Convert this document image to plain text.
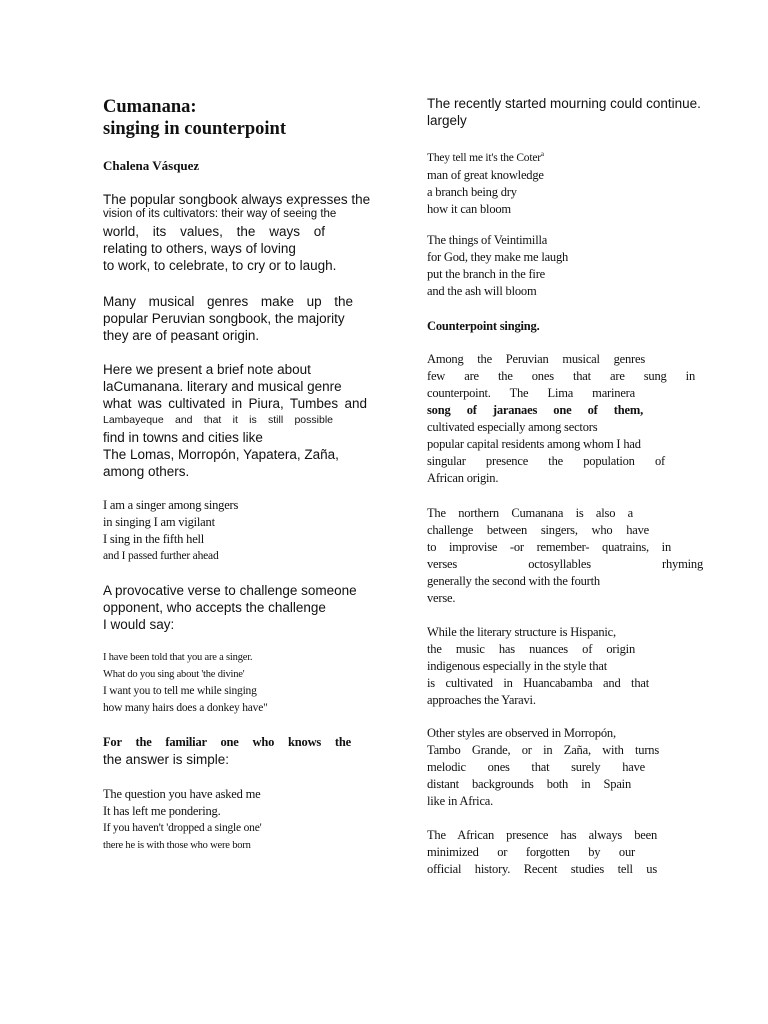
Cumanana:
singing in counterpoint

Chalena Vásquez

The popular songbook always expresses the
vision of its cultivators: their way of seeing the
world, its values, the ways of
relating to others, ways of loving
to work, to celebrate, to cry or to laugh.

Many musical genres make up the
popular Peruvian songbook, the majority
they are of peasant origin.

Here we present a brief note about
laCumanana. literary and musical genre
what was cultivated in Piura, Tumbes and
Lambayeque and that it is still possible
find in towns and cities like
The Lomas, Morropón, Yapatera, Zaña,
among others.

I am a singer among singers
in singing I am vigilant
I sing in the fifth hell
and I passed further ahead

A provocative verse to challenge someone
opponent, who accepts the challenge
I would say:

I have been told that you are a singer.
What do you sing about 'the divine'
I want you to tell me while singing
how many hairs does a donkey have"

For the familiar one who knows the

the answer is simple:

The question you have asked me
It has left me pondering.
If you haven't 'dropped a single one'
there he is with those who were born

The recently started mourning could continue.
largely

They tell me it's the Coter$^a$
man of great knowledge
a branch being dry
how it can bloom

The things of Veintimilla
for God, they make me laugh
put the branch in the fire
and the ash will bloom

Counterpoint singing.

Among the Peruvian musical genres
few are the ones that are sung in
counterpoint. The Lima marinera
song of jaranaes one of them,
cultivated especially among sectors
popular capital residents among whom I had
singular presence the population of
African origin.

The northern Cumanana is also a
challenge between singers, who have
to improvise -or remember- quatrains, in
verses octosyllables rhyming
generally the second with the fourth
verse.

While the literary structure is Hispanic,
the music has nuances of origin
indigenous especially in the style that
is cultivated in Huancabamba and that
approaches the Yaravi.

Other styles are observed in Morropón,
Tambo Grande, or in Zaña, with turns
melodic ones that surely have
distant backgrounds both in Spain
like in Africa.

The African presence has always been
minimized or forgotten by our
official history. Recent studies tell us
